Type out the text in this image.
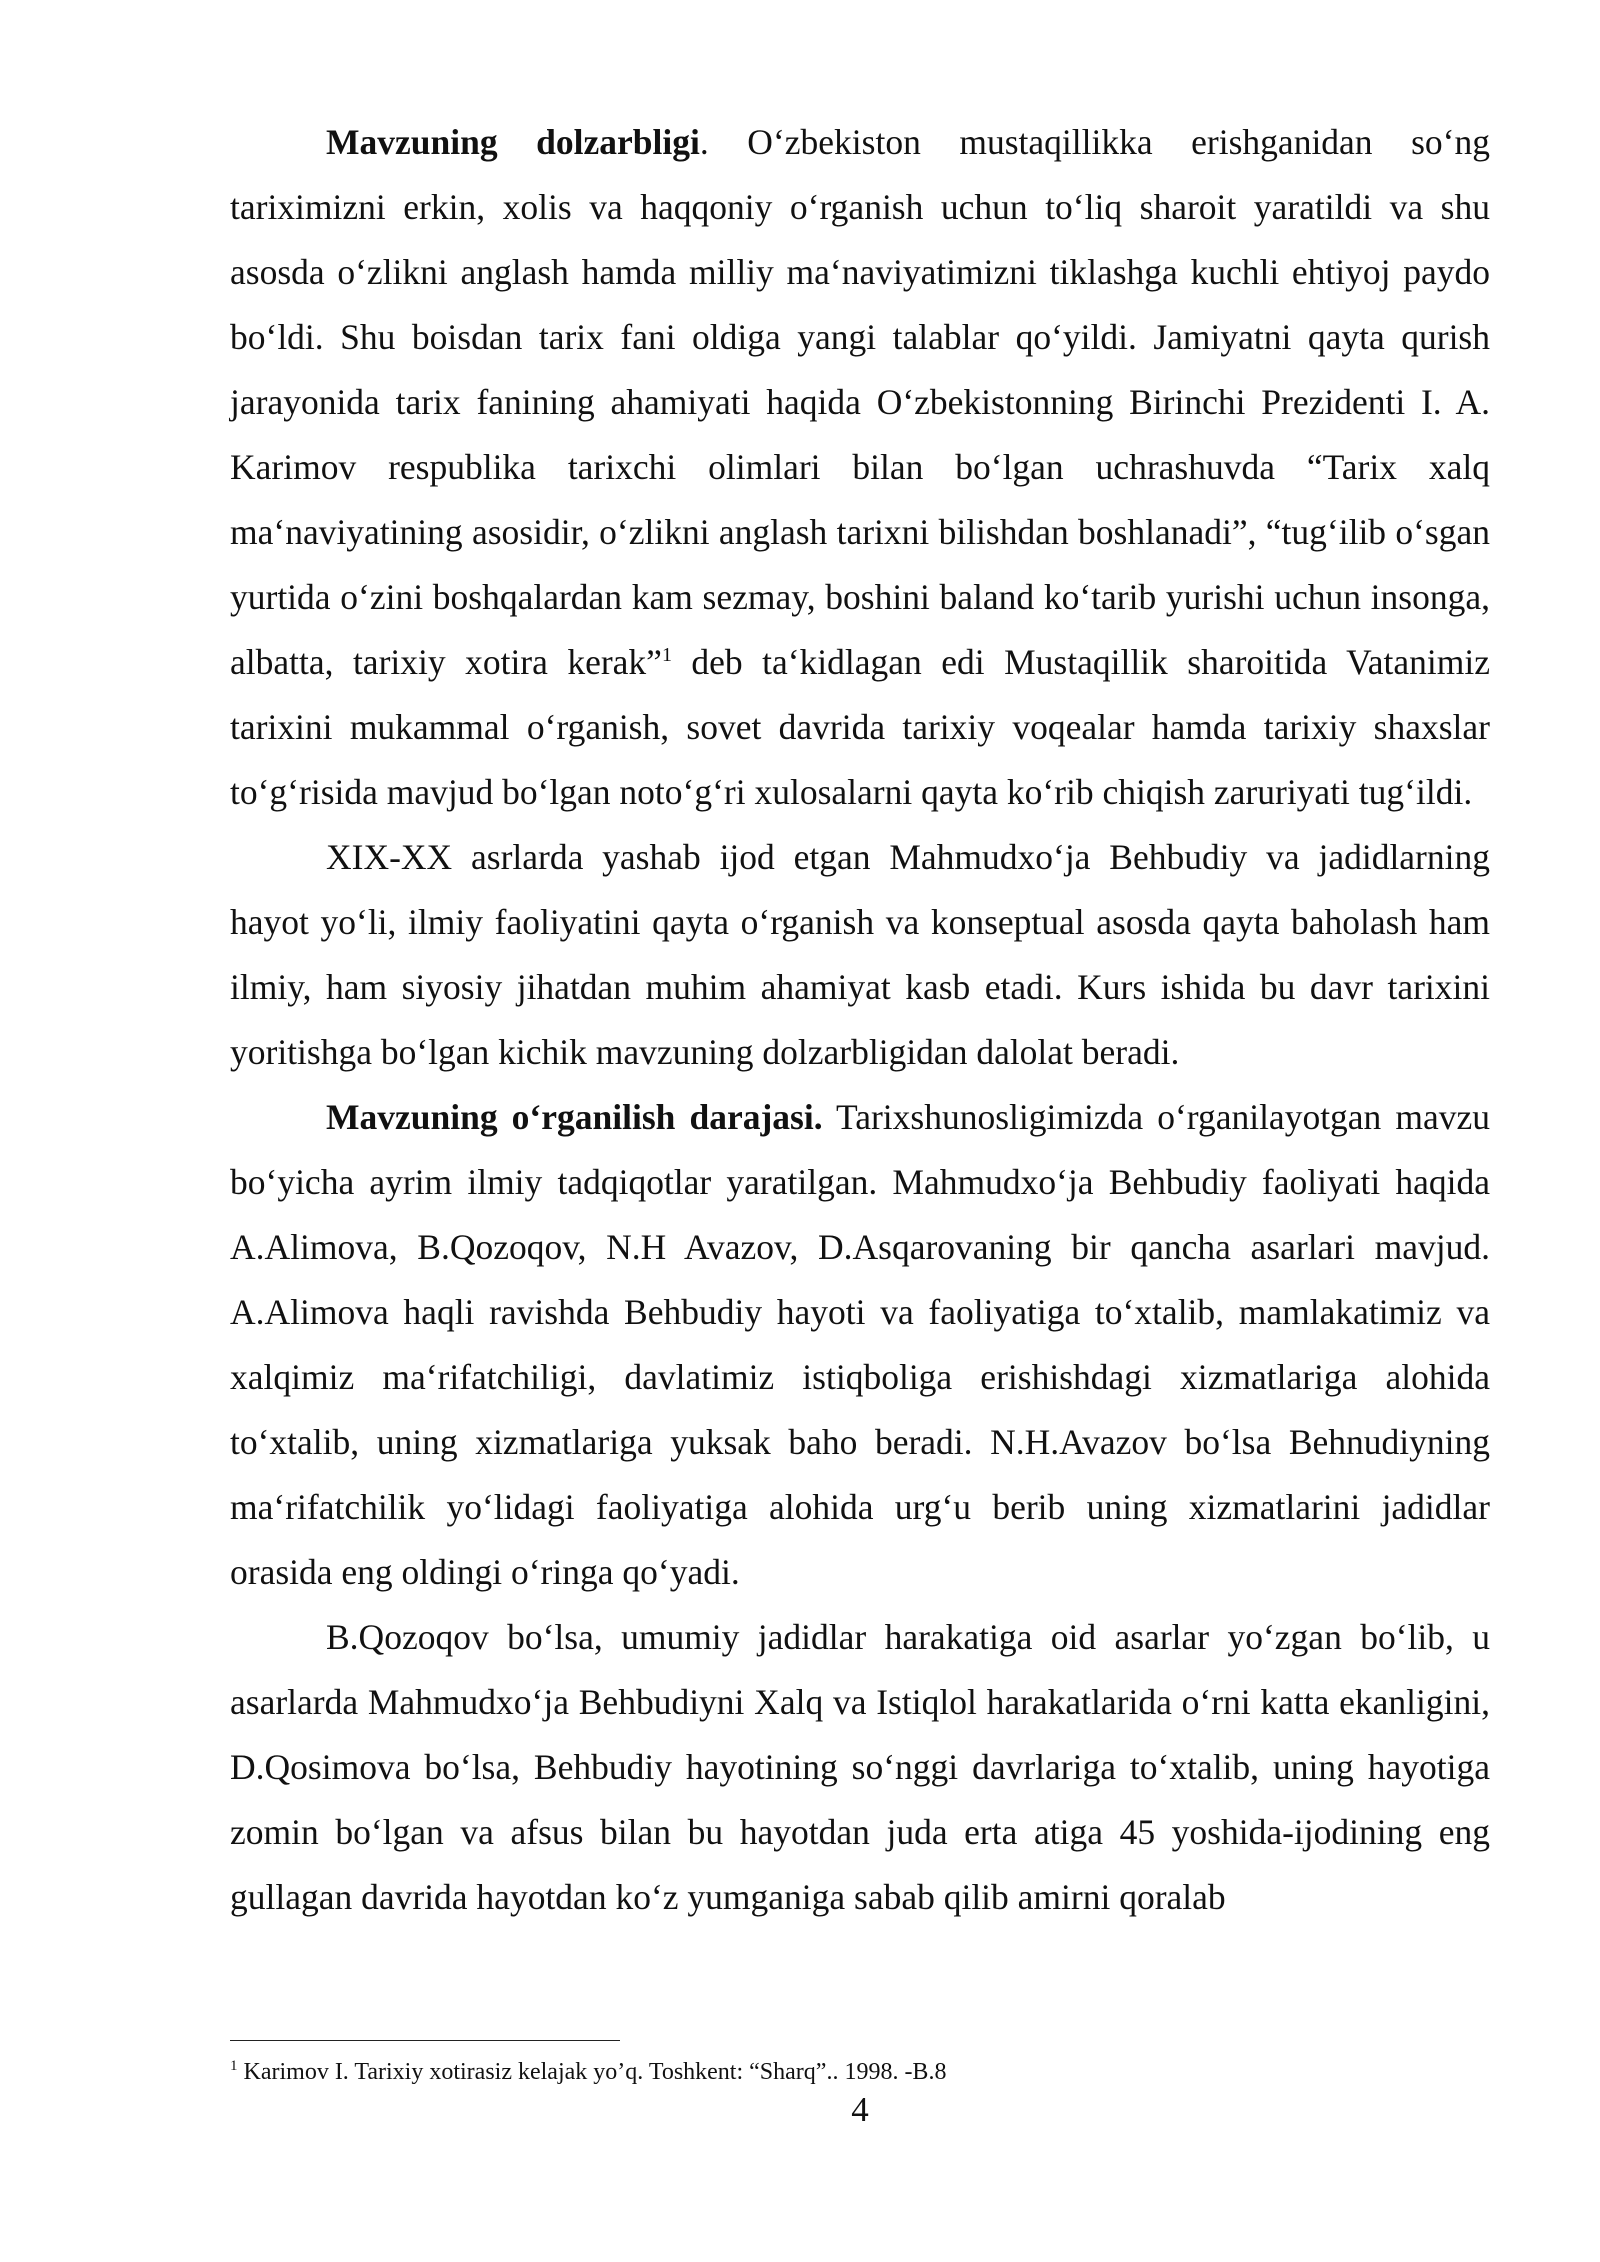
Mavzuning dolzarbligi. O‘zbekiston mustaqillikka erishganidan so‘ng tariximizni erkin, xolis va haqqoniy o‘rganish uchun to‘liq sharoit yaratildi va shu asosda o‘zlikni anglash hamda milliy ma‘naviyatimizni tiklashga kuchli ehtiyoj paydo bo‘ldi. Shu boisdan tarix fani oldiga yangi talablar qo‘yildi. Jamiyatni qayta qurish jarayonida tarix fanining ahamiyati haqida O‘zbekistonning Birinchi Prezidenti I. A. Karimov respublika tarixchi olimlari bilan bo‘lgan uchrashuvda “Tarix xalq ma‘naviyatining asosidir, o‘zlikni anglash tarixni bilishdan boshlanadi”, “tug‘ilib o‘sgan yurtida o‘zini boshqalardan kam sezmay, boshini baland ko‘tarib yurishi uchun insonga, albatta, tarixiy xotira kerak”$^1$ deb ta‘kidlagan edi Mustaqillik sharoitida Vatanimiz tarixini mukammal o‘rganish, sovet davrida tarixiy voqealar hamda tarixiy shaxslar to‘g‘risida mavjud bo‘lgan noto‘g‘ri xulosalarni qayta ko‘rib chiqish zaruriyati tug‘ildi.

XIX-XX asrlarda yashab ijod etgan Mahmudxo‘ja Behbudiy va jadidlarning hayot yo‘li, ilmiy faoliyatini qayta o‘rganish va konseptual asosda qayta baholash ham ilmiy, ham siyosiy jihatdan muhim ahamiyat kasb etadi. Kurs ishida bu davr tarixini yoritishga bo‘lgan kichik mavzuning dolzarbligidan dalolat beradi.

Mavzuning o‘rganilish darajasi. Tarixshunosligimizda o‘rganilayotgan mavzu bo‘yicha ayrim ilmiy tadqiqotlar yaratilgan. Mahmudxo‘ja Behbudiy faoliyati haqida A.Alimova, B.Qozoqov, N.H Avazov, D.Asqarovaning bir qancha asarlari mavjud. A.Alimova haqli ravishda Behbudiy hayoti va faoliyatiga to‘xtalib, mamlakatimiz va xalqimiz ma‘rifatchiligi, davlatimiz istiqboliga erishishdagi xizmatlariga alohida to‘xtalib, uning xizmatlariga yuksak baho beradi. N.H.Avazov bo‘lsa Behnudiyning ma‘rifatchilik yo‘lidagi faoliyatiga alohida urg‘u berib uning xizmatlarini jadidlar orasida eng oldingi o‘ringa qo‘yadi.

B.Qozoqov bo‘lsa, umumiy jadidlar harakatiga oid asarlar yo‘zgan bo‘lib, u asarlarda Mahmudxo‘ja Behbudiyni Xalq va Istiqlol harakatlarida o‘rni katta ekanligini, D.Qosimova bo‘lsa, Behbudiy hayotining so‘nggi davrlariga to‘xtalib, uning hayotiga zomin bo‘lgan va afsus bilan bu hayotdan juda erta atiga 45 yoshida-ijodining eng gullagan davrida hayotdan ko‘z yumganiga sabab qilib amirni qoralab

$^1$ Karimov I. Tarixiy xotirasiz kelajak yo’q. Toshkent: “Sharq”.. 1998. -B.8
4
